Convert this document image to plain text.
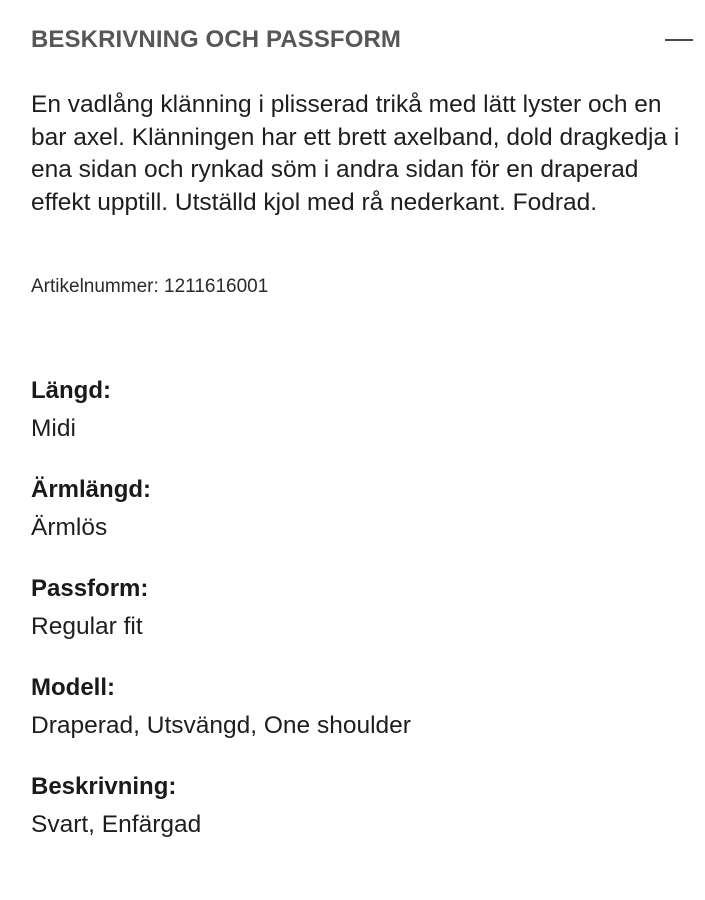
BESKRIVNING OCH PASSFORM

En vadlång klänning i plisserad trikå med lätt lyster och en bar axel. Klänningen har ett brett axelband, dold dragkedja i ena sidan och rynkad söm i andra sidan för en draperad effekt upptill. Utställd kjol med rå nederkant. Fodrad.

Artikelnummer: 1211616001

Längd:
Midi
Ärmlängd:
Ärmlös
Passform:
Regular fit
Modell:
Draperad, Utsvängd, One shoulder
Beskrivning:
Svart, Enfärgad
